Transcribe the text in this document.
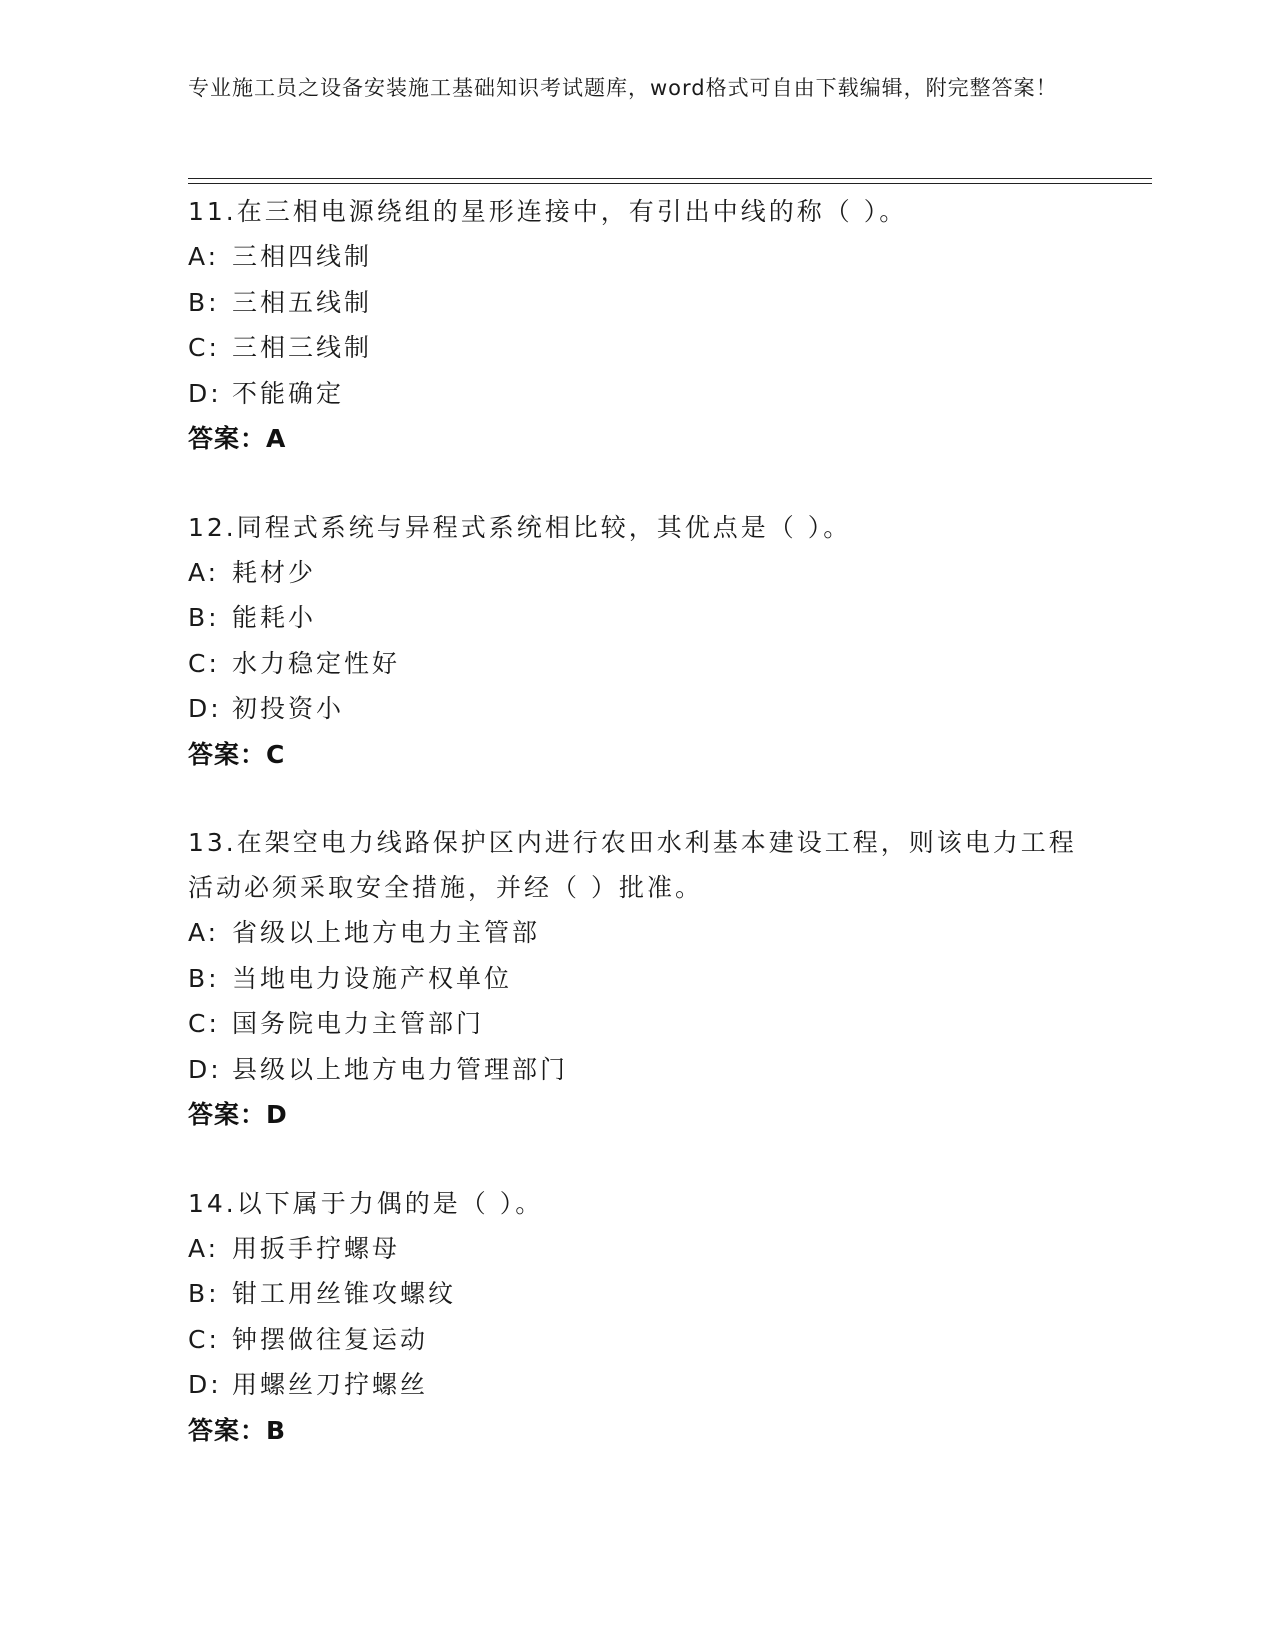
专业施工员之设备安装施工基础知识考试题库，word格式可自由下载编辑，附完整答案！
11.在三相电源绕组的星形连接中，有引出中线的称（ ）。
A: 三相四线制
B: 三相五线制
C: 三相三线制
D: 不能确定
答案：A
12.同程式系统与异程式系统相比较，其优点是（ ）。
A: 耗材少
B: 能耗小
C: 水力稳定性好
D: 初投资小
答案：C
13.在架空电力线路保护区内进行农田水利基本建设工程，则该电力工程活动必须采取安全措施，并经（ ）批准。
A: 省级以上地方电力主管部
B: 当地电力设施产权单位
C: 国务院电力主管部门
D: 县级以上地方电力管理部门
答案：D
14.以下属于力偶的是（ ）。
A: 用扳手拧螺母
B: 钳工用丝锥攻螺纹
C: 钟摆做往复运动
D: 用螺丝刀拧螺丝
答案：B
